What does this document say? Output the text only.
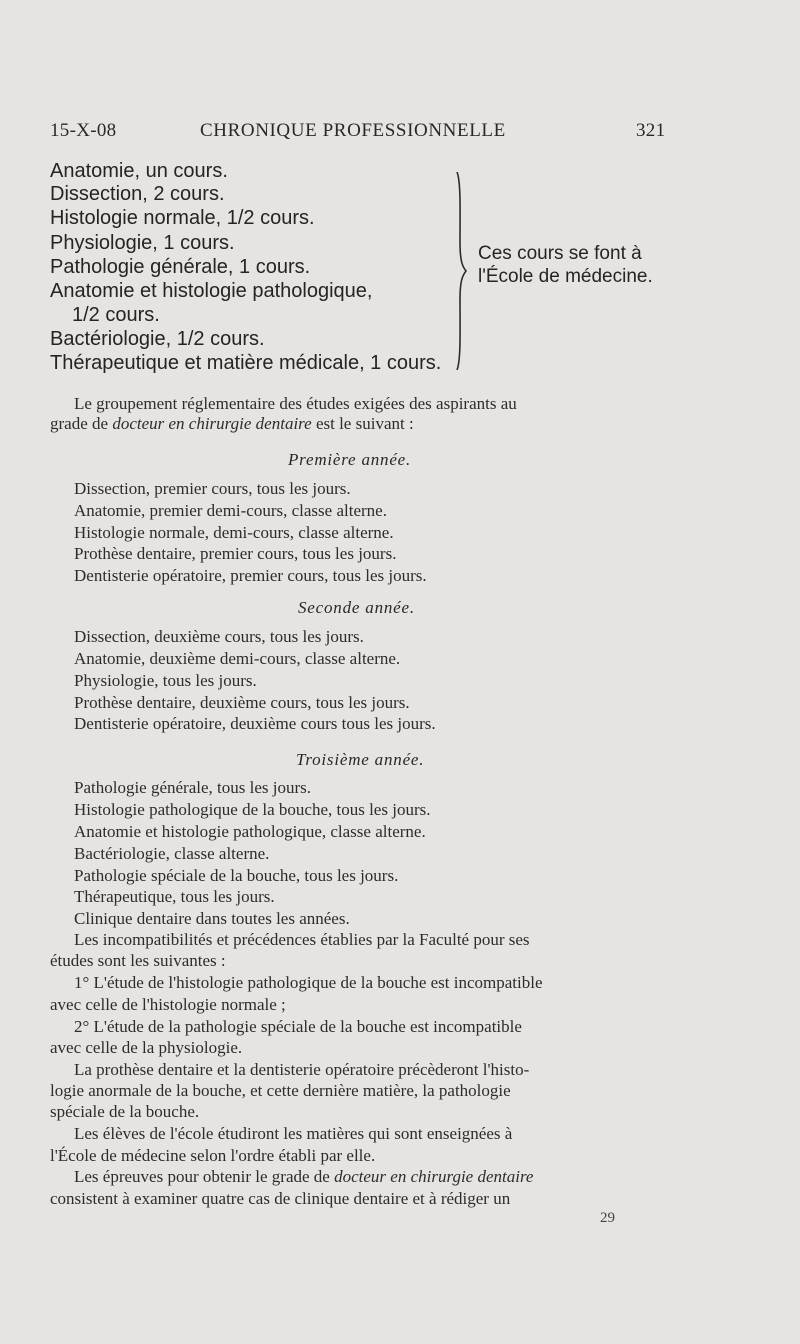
15-X-08	CHRONIQUE PROFESSIONNELLE	321
Anatomie, un cours.
Dissection, 2 cours.
Histologie normale, 1/2 cours.
Physiologie, 1 cours.
Pathologie générale, 1 cours.
Anatomie et histologie pathologique,
1/2 cours.
Bactériologie, 1/2 cours.
Thérapeutique et matière médicale, 1 cours.
Ces cours se font à
l'École de médecine.
Le groupement réglementaire des études exigées des aspirants au
grade de docteur en chirurgie dentaire est le suivant :
Première année.
Dissection, premier cours, tous les jours.
Anatomie, premier demi-cours, classe alterne.
Histologie normale, demi-cours, classe alterne.
Prothèse dentaire, premier cours, tous les jours.
Dentisterie opératoire, premier cours, tous les jours.
Seconde année.
Dissection, deuxième cours, tous les jours.
Anatomie, deuxième demi-cours, classe alterne.
Physiologie, tous les jours.
Prothèse dentaire, deuxième cours, tous les jours.
Dentisterie opératoire, deuxième cours tous les jours.
Troisième année.
Pathologie générale, tous les jours.
Histologie pathologique de la bouche, tous les jours.
Anatomie et histologie pathologique, classe alterne.
Bactériologie, classe alterne.
Pathologie spéciale de la bouche, tous les jours.
Thérapeutique, tous les jours.
Clinique dentaire dans toutes les années.
Les incompatibilités et précédences établies par la Faculté pour ses
études sont les suivantes :
1° L'étude de l'histologie pathologique de la bouche est incompatible
avec celle de l'histologie normale ;
2° L'étude de la pathologie spéciale de la bouche est incompatible
avec celle de la physiologie.
La prothèse dentaire et la dentisterie opératoire précèderont l'histo-
logie anormale de la bouche, et cette dernière matière, la pathologie
spéciale de la bouche.
Les élèves de l'école étudiront les matières qui sont enseignées à
l'École de médecine selon l'ordre établi par elle.
Les épreuves pour obtenir le grade de docteur en chirurgie dentaire
consistent à examiner quatre cas de clinique dentaire et à rédiger un
29
